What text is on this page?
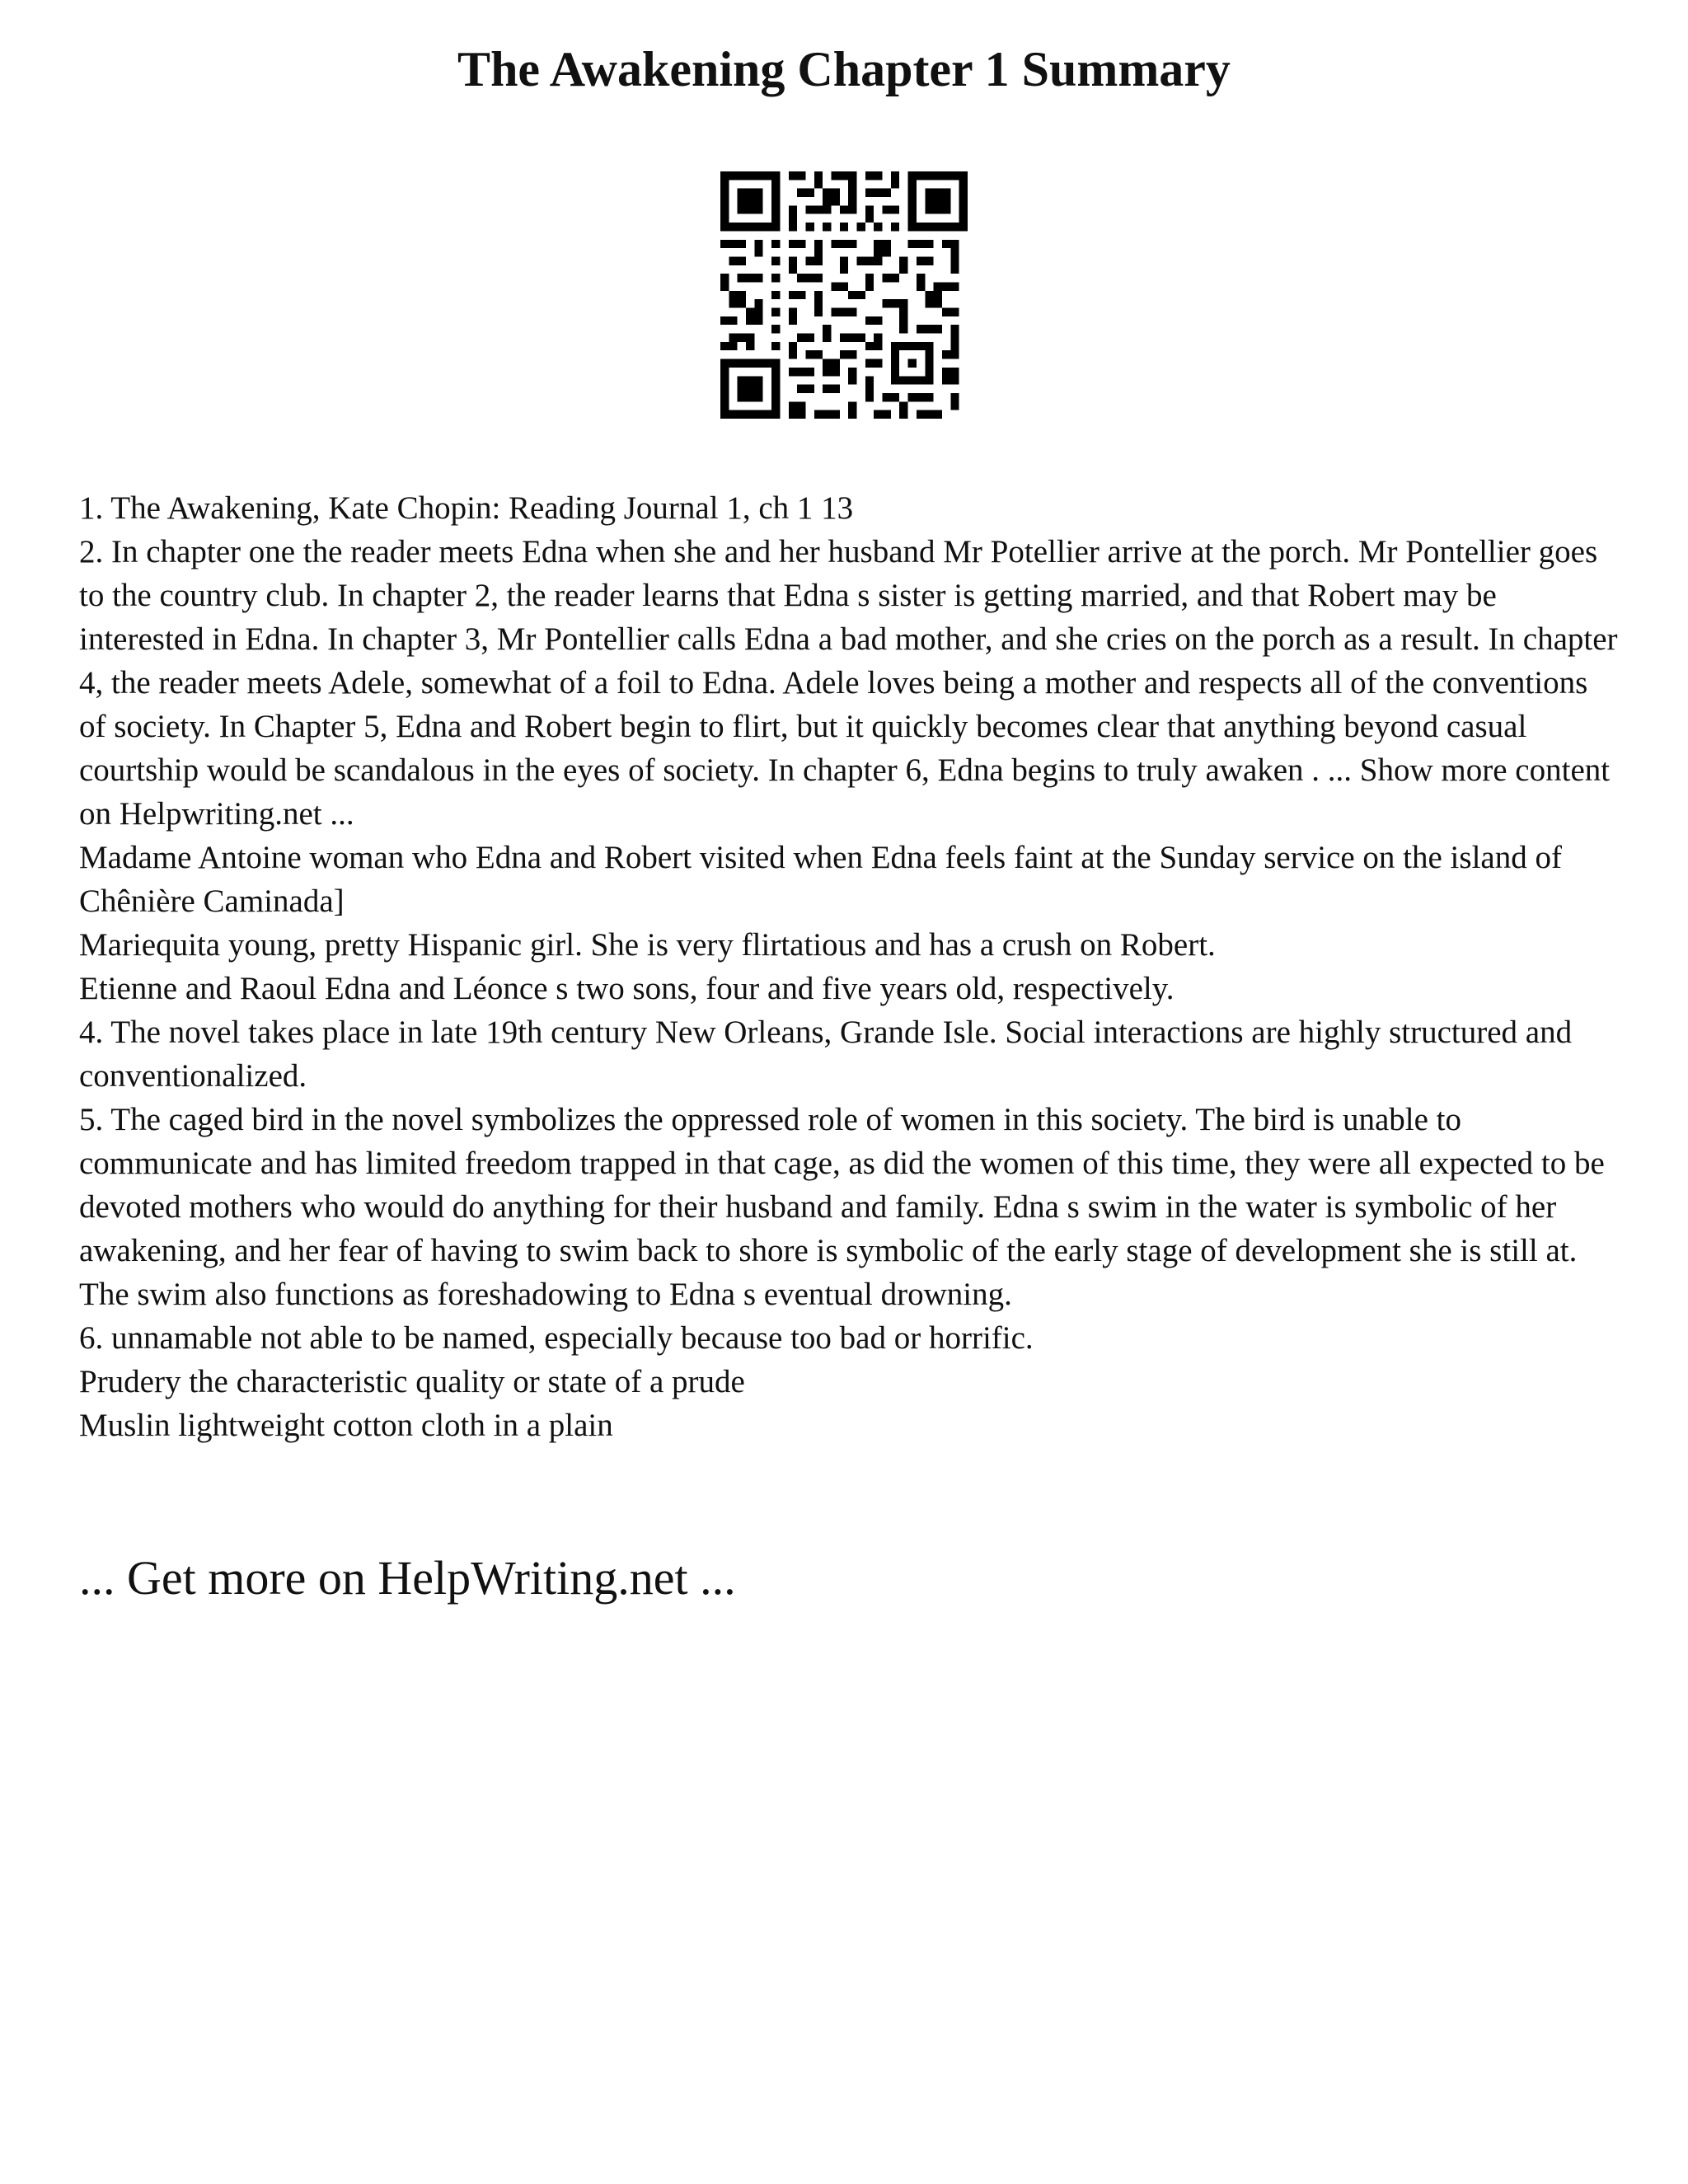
The Awakening Chapter 1 Summary

1. The Awakening, Kate Chopin: Reading Journal 1, ch 1 13

2. In chapter one the reader meets Edna when she and her husband Mr Potellier arrive at the porch. Mr Pontellier goes to the country club. In chapter 2, the reader learns that Edna s sister is getting married, and that Robert may be interested in Edna. In chapter 3, Mr Pontellier calls Edna a bad mother, and she cries on the porch as a result. In chapter 4, the reader meets Adele, somewhat of a foil to Edna. Adele loves being a mother and respects all of the conventions of society. In Chapter 5, Edna and Robert begin to flirt, but it quickly becomes clear that anything beyond casual courtship would be scandalous in the eyes of society. In chapter 6, Edna begins to truly awaken . ... Show more content on Helpwriting.net ...

Madame Antoine woman who Edna and Robert visited when Edna feels faint at the Sunday service on the island of Chênière Caminada]

Mariequita young, pretty Hispanic girl. She is very flirtatious and has a crush on Robert.

Etienne and Raoul Edna and Léonce s two sons, four and five years old, respectively.

4. The novel takes place in late 19th century New Orleans, Grande Isle. Social interactions are highly structured and conventionalized.

5. The caged bird in the novel symbolizes the oppressed role of women in this society. The bird is unable to communicate and has limited freedom trapped in that cage, as did the women of this time, they were all expected to be devoted mothers who would do anything for their husband and family. Edna s swim in the water is symbolic of her awakening, and her fear of having to swim back to shore is symbolic of the early stage of development she is still at.

The swim also functions as foreshadowing to Edna s eventual drowning.

6. unnamable not able to be named, especially because too bad or horrific.

Prudery the characteristic quality or state of a prude

Muslin lightweight cotton cloth in a plain

... Get more on HelpWriting.net ...
